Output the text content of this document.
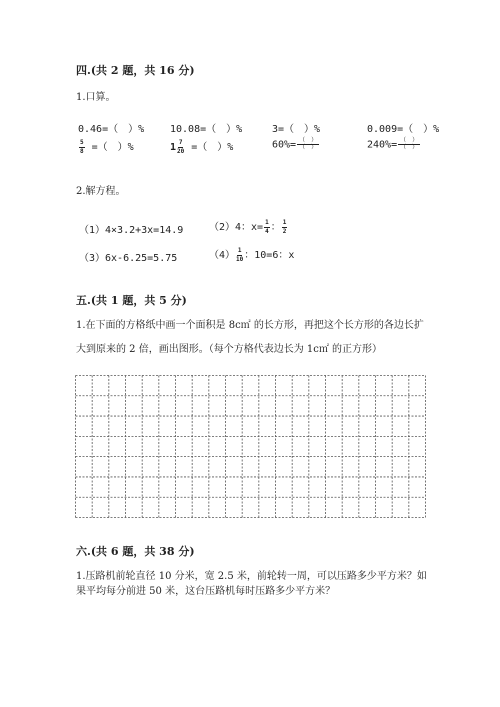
四.(共 2 题，共 16 分)
1.口算。
0.46=（　）%	10.08=（　）%	3=（　）%	0.009=（　）%
$\frac{5}{8}$ =（　）%	$1 \frac{7}{20}$ =（　）%	$60\%= \frac{( )}{( )}$	$240\%= \frac{( )}{( )}$
2.解方程。
（1）4×3.2+3x=14.9	（2）4：$x= \frac{1}{4}$ ： $\frac{1}{2}$
（3）6x-6.25=5.75	$(4) \frac{1}{10}$ ：10=6：x
五.(共 1 题，共 5 分)
1.在下面的方格纸中画一个面积是 8c㎡ 的长方形，再把这个长方形的各边长扩
大到原来的 2 倍，画出图形。（每个方格代表边长为 1c㎡ 的正方形）
六.(共 6 题，共 38 分)
1.压路机前轮直径 10 分米，宽 2.5 米，前轮转一周，可以压路多少平方米？如
果平均每分前进 50 米，这台压路机每时压路多少平方米？
